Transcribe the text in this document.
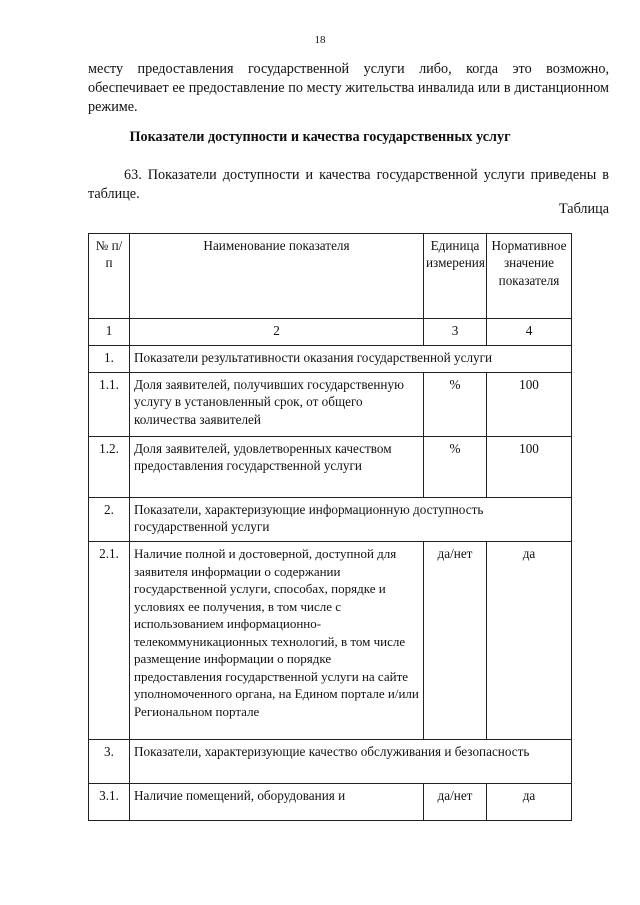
18

месту предоставления государственной услуги либо, когда это возможно, обеспечивает ее предоставление по месту жительства инвалида или в дистанционном режиме.

Показатели доступности и качества государственных услуг

63. Показатели доступности и качества государственной услуги приведены в таблице.

Таблица
№ п/п	Наименование показателя	Единица измерения	Нормативное значение показателя
1	2	3	4
1.	Показатели результативности оказания государственной услуги		
1.1.	Доля заявителей, получивших государственную услугу в установленный срок, от общего количества заявителей	%	100
1.2.	Доля заявителей, удовлетворенных качеством предоставления государственной услуги	%	100
2.	Показатели, характеризующие информационную доступность государственной услуги		
2.1.	Наличие полной и достоверной, доступной для заявителя информации о содержании государственной услуги, способах, порядке и условиях ее получения, в том числе с использованием информационно-телекоммуникационных технологий, в том числе размещение информации о порядке предоставления государственной услуги на сайте уполномоченного органа, на Едином портале и/или Региональном портале	да/нет	да
3.	Показатели, характеризующие качество обслуживания и безопасность		
3.1.	Наличие помещений, оборудования и	да/нет	да
